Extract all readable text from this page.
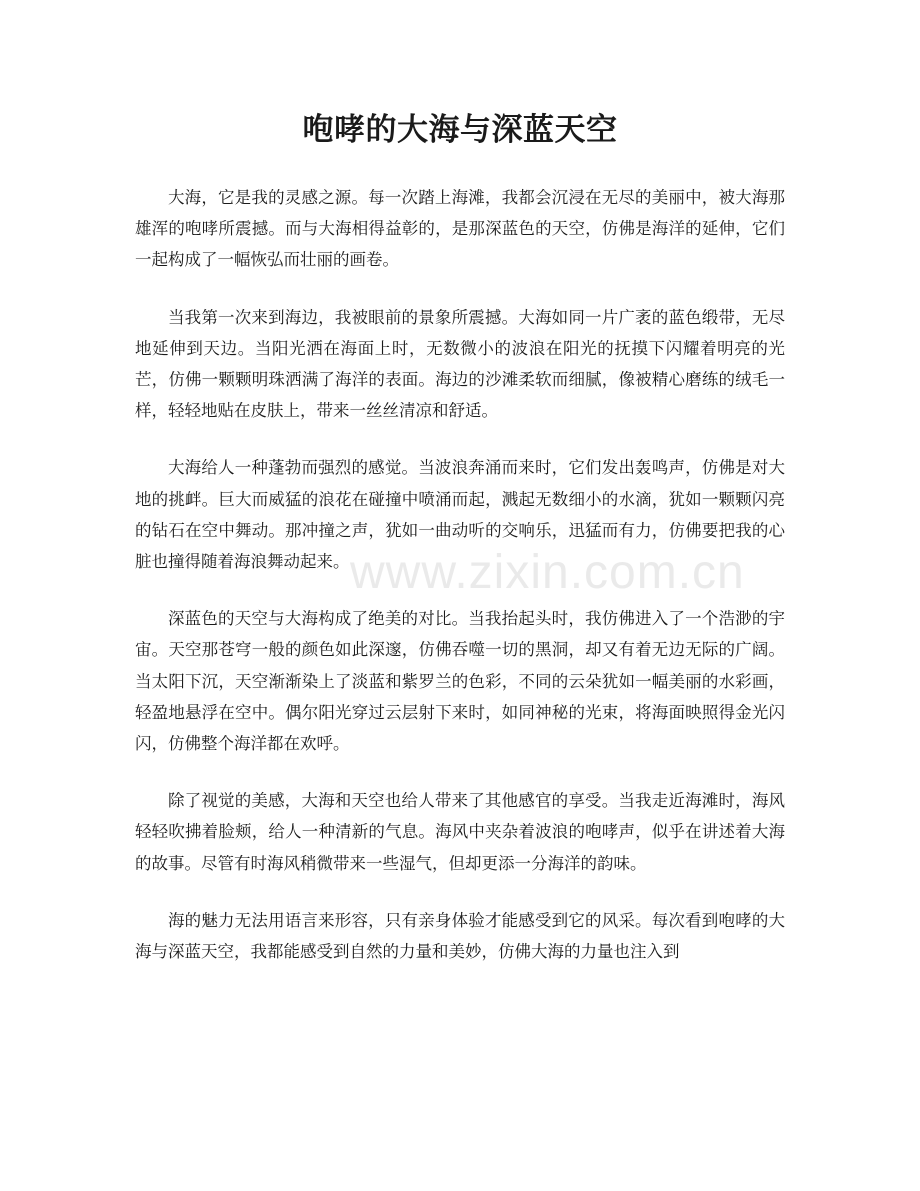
咆哮的大海与深蓝天空

大海，它是我的灵感之源。每一次踏上海滩，我都会沉浸在无尽的美丽中，被大海那雄浑的咆哮所震撼。而与大海相得益彰的，是那深蓝色的天空，仿佛是海洋的延伸，它们一起构成了一幅恢弘而壮丽的画卷。

当我第一次来到海边，我被眼前的景象所震撼。大海如同一片广袤的蓝色缎带，无尽地延伸到天边。当阳光洒在海面上时，无数微小的波浪在阳光的抚摸下闪耀着明亮的光芒，仿佛一颗颗明珠洒满了海洋的表面。海边的沙滩柔软而细腻，像被精心磨练的绒毛一样，轻轻地贴在皮肤上，带来一丝丝清凉和舒适。

大海给人一种蓬勃而强烈的感觉。当波浪奔涌而来时，它们发出轰鸣声，仿佛是对大地的挑衅。巨大而威猛的浪花在碰撞中喷涌而起，溅起无数细小的水滴，犹如一颗颗闪亮的钻石在空中舞动。那冲撞之声，犹如一曲动听的交响乐，迅猛而有力，仿佛要把我的心脏也撞得随着海浪舞动起来。

深蓝色的天空与大海构成了绝美的对比。当我抬起头时，我仿佛进入了一个浩渺的宇宙。天空那苍穹一般的颜色如此深邃，仿佛吞噬一切的黑洞，却又有着无边无际的广阔。当太阳下沉，天空渐渐染上了淡蓝和紫罗兰的色彩，不同的云朵犹如一幅美丽的水彩画，轻盈地悬浮在空中。偶尔阳光穿过云层射下来时，如同神秘的光束，将海面映照得金光闪闪，仿佛整个海洋都在欢呼。

除了视觉的美感，大海和天空也给人带来了其他感官的享受。当我走近海滩时，海风轻轻吹拂着脸颊，给人一种清新的气息。海风中夹杂着波浪的咆哮声，似乎在讲述着大海的故事。尽管有时海风稍微带来一些湿气，但却更添一分海洋的韵味。

海的魅力无法用语言来形容，只有亲身体验才能感受到它的风采。每次看到咆哮的大海与深蓝天空，我都能感受到自然的力量和美妙，仿佛大海的力量也注入到

www.zixin.com.cn
